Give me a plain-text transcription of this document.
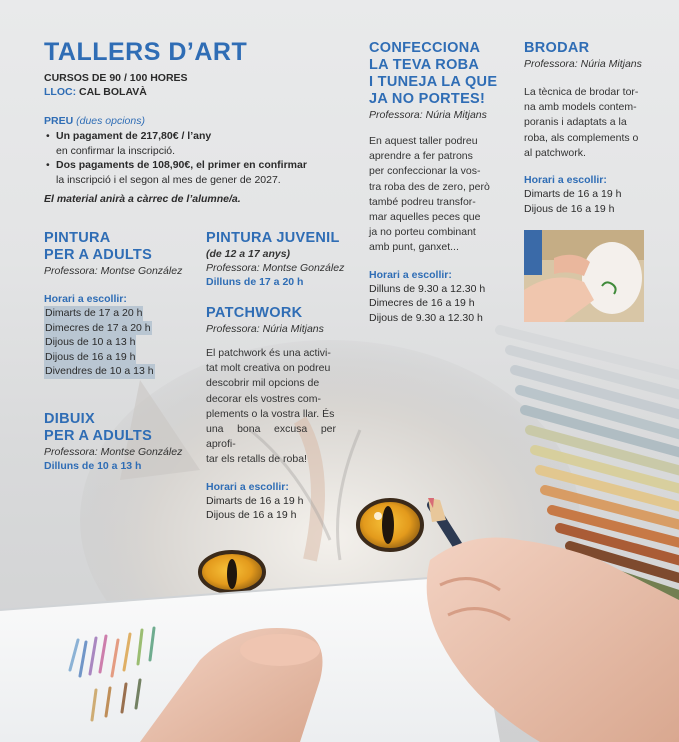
TALLERS D’ART
CURSOS DE 90 / 100 HORES
LLOC: CAL BOLAVÀ
PREU (dues opcions)
• Un pagament de 217,80€ / l’any
en confirmar la inscripció.
• Dos pagaments de 108,90€, el primer en confirmar
la inscripció i el segon al mes de gener de 2027.
El material anirà a càrrec de l’alumne/a.
PINTURA
PER A ADULTS
Professora: Montse González
Horari a escollir:
Dimarts de 17 a 20 h
Dimecres de 17 a 20 h
Dijous de 10 a 13 h
Dijous de 16 a 19 h
Divendres de 10 a 13 h
DIBUIX
PER A ADULTS
Professora: Montse González
Dilluns de 10 a 13 h
PINTURA JUVENIL
(de 12 a 17 anys)
Professora: Montse González
Dilluns de 17 a 20 h
PATCHWORK
Professora: Núria Mitjans
El patchwork és una activi-
tat molt creativa on podreu
descobrir mil opcions de
decorar els vostres com-
plements o la vostra llar. És
una bona excusa per aprofi-
tar els retalls de roba!
Horari a escollir:
Dimarts de 16 a 19 h
Dijous de 16 a 19 h
CONFECCIONA
LA TEVA ROBA
I TUNEJA LA QUE
JA NO PORTES!
Professora: Núria Mitjans
En aquest taller podreu
aprendre a fer patrons
per confeccionar la vos-
tra roba des de zero, però
també podreu transfor-
mar aquelles peces que
ja no porteu combinant
amb punt, ganxet...
Horari a escollir:
Dilluns de 9.30 a 12.30 h
Dimecres de 16 a 19 h
Dijous de 9.30 a 12.30 h
BRODAR
Professora: Núria Mitjans
La tècnica de brodar tor-
na amb models contem-
poranis i adaptats a la
roba, als complements o
al patchwork.
Horari a escollir:
Dimarts de 16 a 19 h
Dijous de 16 a 19 h
